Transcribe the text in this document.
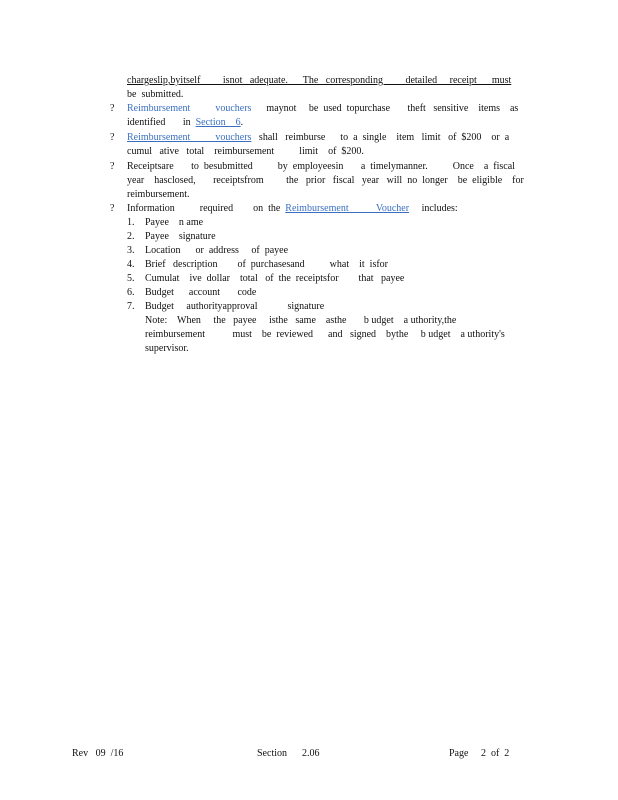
chargeslip,byitself         isnot   adequate.      The   corresponding         detailed     receipt      must
be  submitted.
?	Reimbursement          vouchers      maynot     be  used  topurchase       theft   sensitive    items    as
identified       in  Section    6.
?	Reimbursement          vouchers   shall   reimburse      to  a  single    item   limit   of  $200    or  a
cumul   ative   total    reimbursement          limit    of  $200.
?	Receiptsare       to  besubmitted          by  employeesin       a  timelymanner.          Once    a  fiscal
year    hasclosed,       receiptsfrom         the   prior   fiscal   year   will  no  longer    be  eligible    for
reimbursement.
?	Information          required        on  the  Reimbursement           Voucher     includes:
1. Payee    n ame
2. Payee    signature
3. Location      or  address     of  payee
4. Brief   description        of  purchasesand          what    it  isfor
5. Cumulat    ive  dollar    total   of  the  receiptsfor        that   payee
6. Budget      account       code
7. Budget     authorityapproval            signature
Note:    When     the   payee     isthe   same    asthe       b udget    a uthority,the
reimbursement           must    be  reviewed      and   signed    bythe     b udget    a uthority's
supervisor.
Rev   09  /16	Section      2.06	Page     2  of  2
